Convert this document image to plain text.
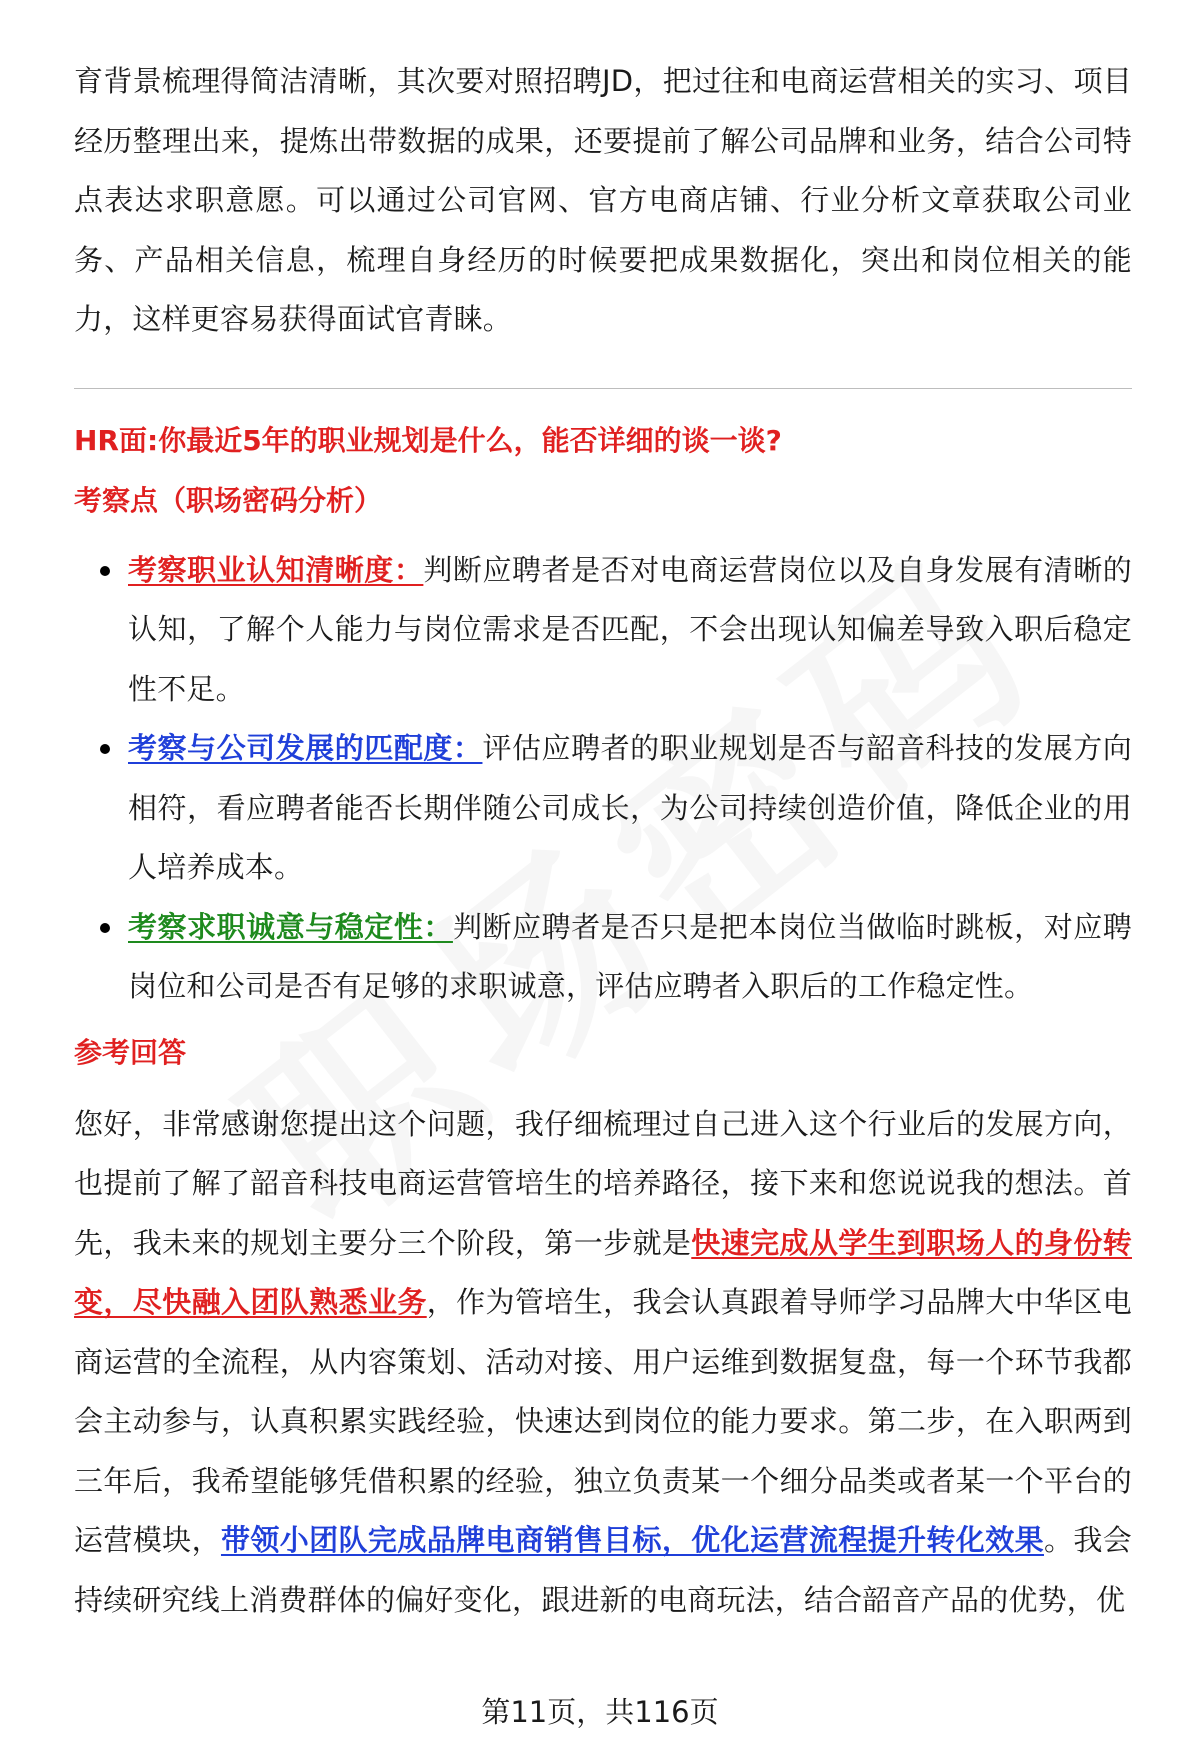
育背景梳理得简洁清晰，其次要对照招聘JD，把过往和电商运营相关的实习、项目经历整理出来，提炼出带数据的成果，还要提前了解公司品牌和业务，结合公司特点表达求职意愿。可以通过公司官网、官方电商店铺、行业分析文章获取公司业务、产品相关信息，梳理自身经历的时候要把成果数据化，突出和岗位相关的能力，这样更容易获得面试官青睐。

HR面:你最近5年的职业规划是什么，能否详细的谈一谈?
考察点（职场密码分析）
考察职业认知清晰度：判断应聘者是否对电商运营岗位以及自身发展有清晰的认知，了解个人能力与岗位需求是否匹配，不会出现认知偏差导致入职后稳定性不足。
考察与公司发展的匹配度：评估应聘者的职业规划是否与韶音科技的发展方向相符，看应聘者能否长期伴随公司成长，为公司持续创造价值，降低企业的用人培养成本。
考察求职诚意与稳定性：判断应聘者是否只是把本岗位当做临时跳板，对应聘岗位和公司是否有足够的求职诚意，评估应聘者入职后的工作稳定性。
参考回答

您好，非常感谢您提出这个问题，我仔细梳理过自己进入这个行业后的发展方向，也提前了解了韶音科技电商运营管培生的培养路径，接下来和您说说我的想法。首先，我未来的规划主要分三个阶段，第一步就是快速完成从学生到职场人的身份转变，尽快融入团队熟悉业务，作为管培生，我会认真跟着导师学习品牌大中华区电商运营的全流程，从内容策划、活动对接、用户运维到数据复盘，每一个环节我都会主动参与，认真积累实践经验，快速达到岗位的能力要求。第二步，在入职两到三年后，我希望能够凭借积累的经验，独立负责某一个细分品类或者某一个平台的运营模块，带领小团队完成品牌电商销售目标，优化运营流程提升转化效果。我会持续研究线上消费群体的偏好变化，跟进新的电商玩法，结合韶音产品的优势，优

第11页，共116页
